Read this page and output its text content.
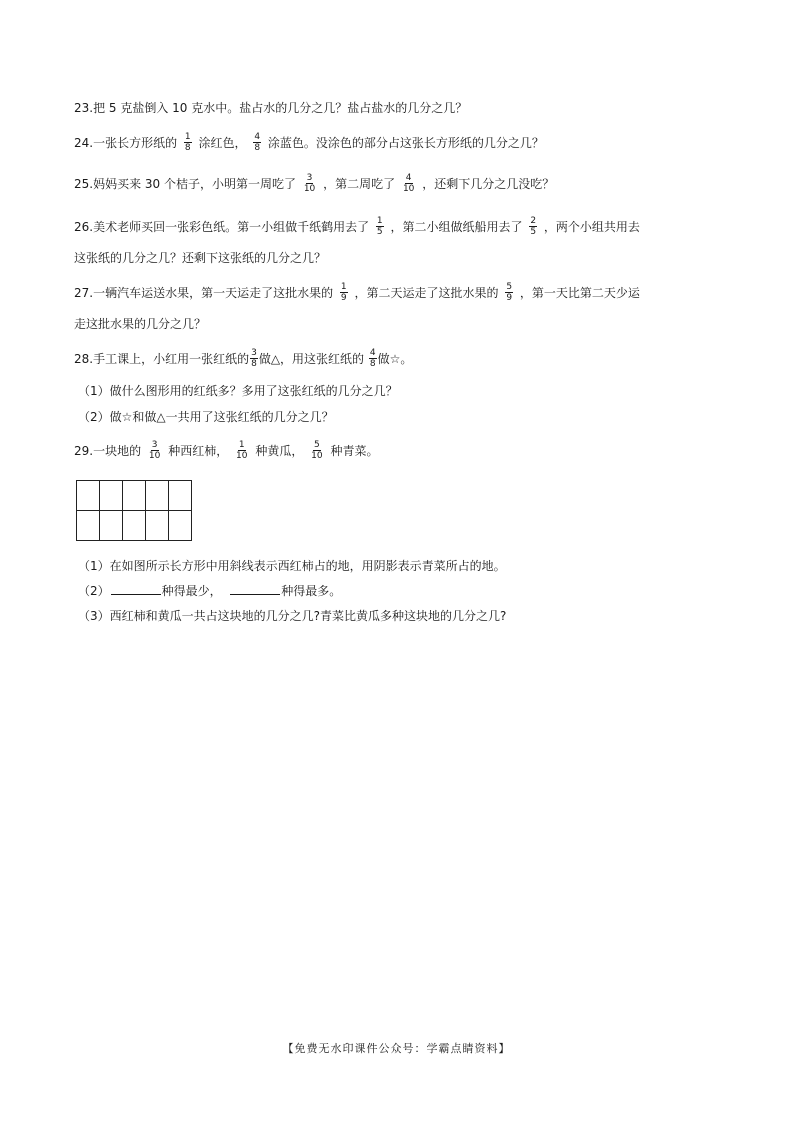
23.把 5 克盐倒入 10 克水中。盐占水的几分之几？盐占盐水的几分之几？
24.一张长方形纸的 $\frac{1}{8}$ 涂红色， $\frac{4}{8}$ 涂蓝色。没涂色的部分占这张长方形纸的几分之几？
25.妈妈买来 30 个桔子，小明第一周吃了 $\frac{3}{10}$ ，第二周吃了 $\frac{4}{10}$ ，还剩下几分之几没吃？
26.美术老师买回一张彩色纸。第一小组做千纸鹤用去了 $\frac{1}{5}$ ，第二小组做纸船用去了 $\frac{2}{5}$ ，两个小组共用去
这张纸的几分之几？还剩下这张纸的几分之几？
27.一辆汽车运送水果，第一天运走了这批水果的 $\frac{1}{9}$ ，第二天运走了这批水果的 $\frac{5}{9}$ ，第一天比第二天少运
走这批水果的几分之几？
28.手工课上，小红用一张红纸的 $\frac{3}{8}$ 做△，用这张红纸的 $\frac{4}{8}$ 做☆。
（1）做什么图形用的红纸多？多用了这张红纸的几分之几？
（2）做☆和做△一共用了这张红纸的几分之几？
29.一块地的 $\frac{3}{10}$ 种西红柿， $\frac{1}{10}$ 种黄瓜， $\frac{5}{10}$ 种青菜。
（1）在如图所示长方形中用斜线表示西红柿占的地，用阴影表示青菜所占的地。
（2）	种得最少，	种得最多。
（3）西红柿和黄瓜一共占这块地的几分之几?青菜比黄瓜多种这块地的几分之几?
【免费无水印课件公众号：学霸点睛资料】
